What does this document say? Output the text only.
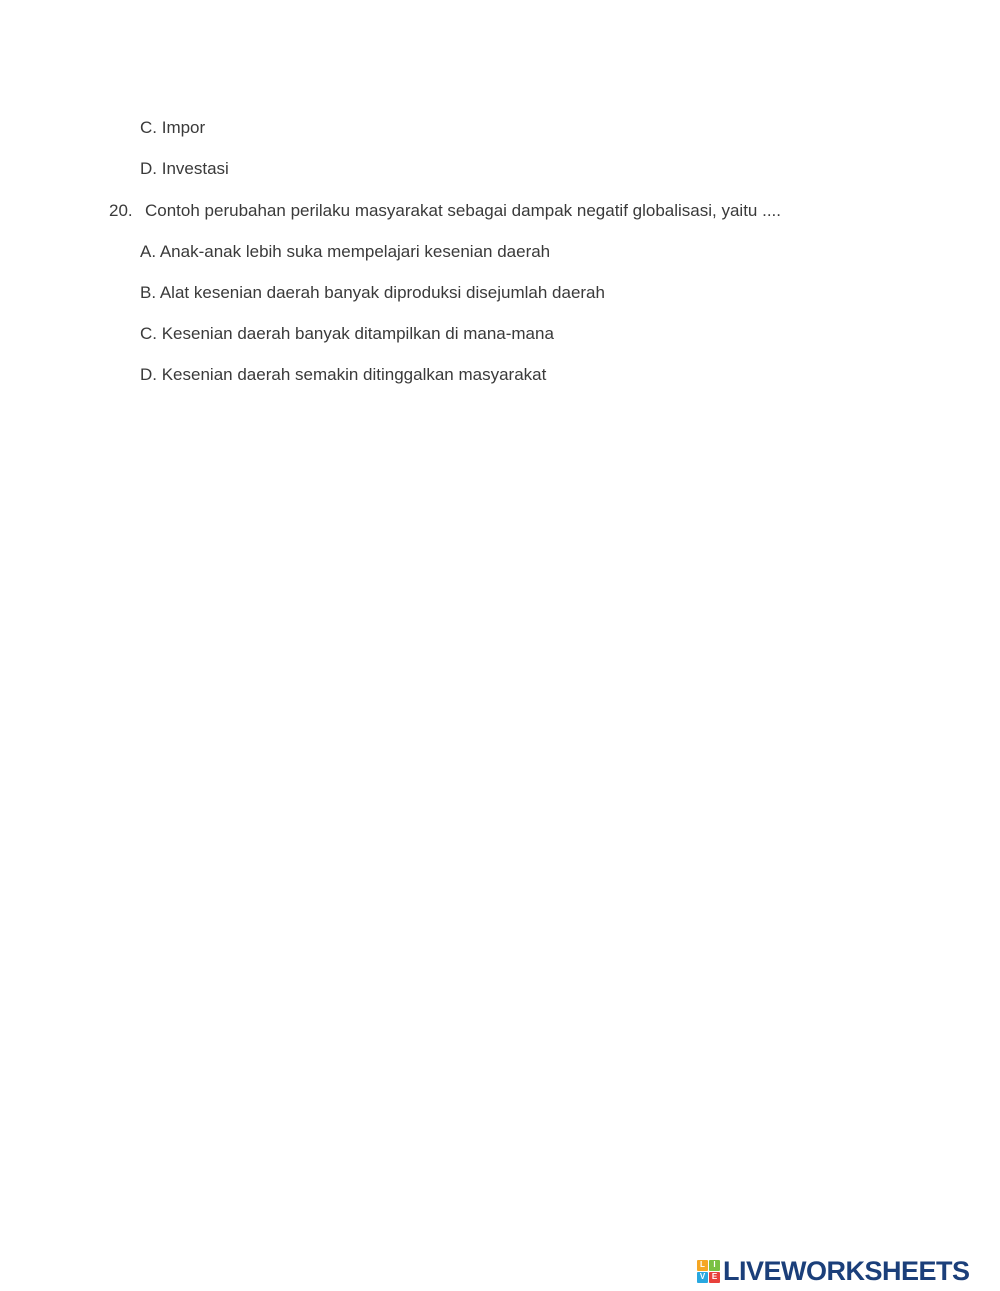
C. Impor
D. Investasi
20. Contoh perubahan perilaku masyarakat sebagai dampak negatif globalisasi, yaitu ....
A. Anak-anak lebih suka mempelajari kesenian daerah
B. Alat kesenian daerah banyak diproduksi disejumlah daerah
C. Kesenian daerah banyak ditampilkan di mana-mana
D. Kesenian daerah semakin ditinggalkan masyarakat
L	I
V E LIVEWORKSHEETS
